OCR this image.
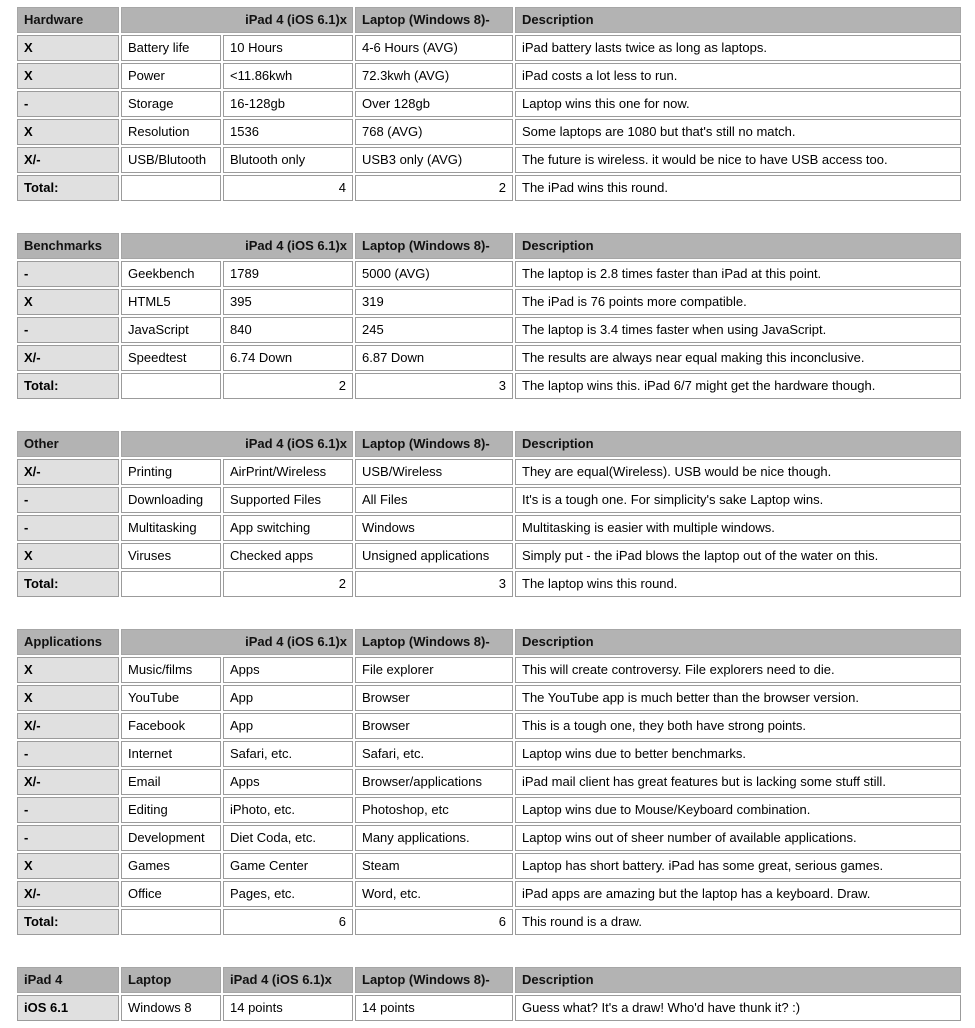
Hardware	iPad 4 (iOS 6.1)x		Laptop (Windows 8)-	Description
X	Battery life	10 Hours	4-6 Hours (AVG)	iPad battery lasts twice as long as laptops.
X	Power	<11.86kwh	72.3kwh (AVG)	iPad costs a lot less to run.
-	Storage	16-128gb	Over 128gb	Laptop wins this one for now.
X	Resolution	1536	768 (AVG)	Some laptops are 1080 but that's still no match.
X/-	USB/Blutooth	Blutooth only	USB3 only (AVG)	The future is wireless. it would be nice to have USB access too.
Total:		4	2	The iPad wins this round.
Benchmarks	iPad 4 (iOS 6.1)x		Laptop (Windows 8)-	Description
-	Geekbench	1789	5000 (AVG)	The laptop is 2.8 times faster than iPad at this point.
X	HTML5	395	319	The iPad is 76 points more compatible.
-	JavaScript	840	245	The laptop is 3.4 times faster when using JavaScript.
X/-	Speedtest	6.74 Down	6.87 Down	The results are always near equal making this inconclusive.
Total:		2	3	The laptop wins this. iPad 6/7 might get the hardware though.
Other	iPad 4 (iOS 6.1)x		Laptop (Windows 8)-	Description
X/-	Printing	AirPrint/Wireless	USB/Wireless	They are equal(Wireless). USB would be nice though.
-	Downloading	Supported Files	All Files	It's is a tough one. For simplicity's sake Laptop wins.
-	Multitasking	App switching	Windows	Multitasking is easier with multiple windows.
X	Viruses	Checked apps	Unsigned applications	Simply put - the iPad blows the laptop out of the water on this.
Total:		2	3	The laptop wins this round.
Applications	iPad 4 (iOS 6.1)x		Laptop (Windows 8)-	Description
X	Music/films	Apps	File explorer	This will create controversy. File explorers need to die.
X	YouTube	App	Browser	The YouTube app is much better than the browser version.
X/-	Facebook	App	Browser	This is a tough one, they both have strong points.
-	Internet	Safari, etc.	Safari, etc.	Laptop wins due to better benchmarks.
X/-	Email	Apps	Browser/applications	iPad mail client has great features but is lacking some stuff still.
-	Editing	iPhoto, etc.	Photoshop, etc	Laptop wins due to Mouse/Keyboard combination.
-	Development	Diet Coda, etc.	Many applications.	Laptop wins out of sheer number of available applications.
X	Games	Game Center	Steam	Laptop has short battery. iPad has some great, serious games.
X/-	Office	Pages, etc.	Word, etc.	iPad apps are amazing but the laptop has a keyboard. Draw.
Total:		6	6	This round is a draw.
iPad 4	Laptop	iPad 4 (iOS 6.1)x	Laptop (Windows 8)-	Description
iOS 6.1	Windows 8	14 points	14 points	Guess what? It's a draw! Who'd have thunk it? :)
